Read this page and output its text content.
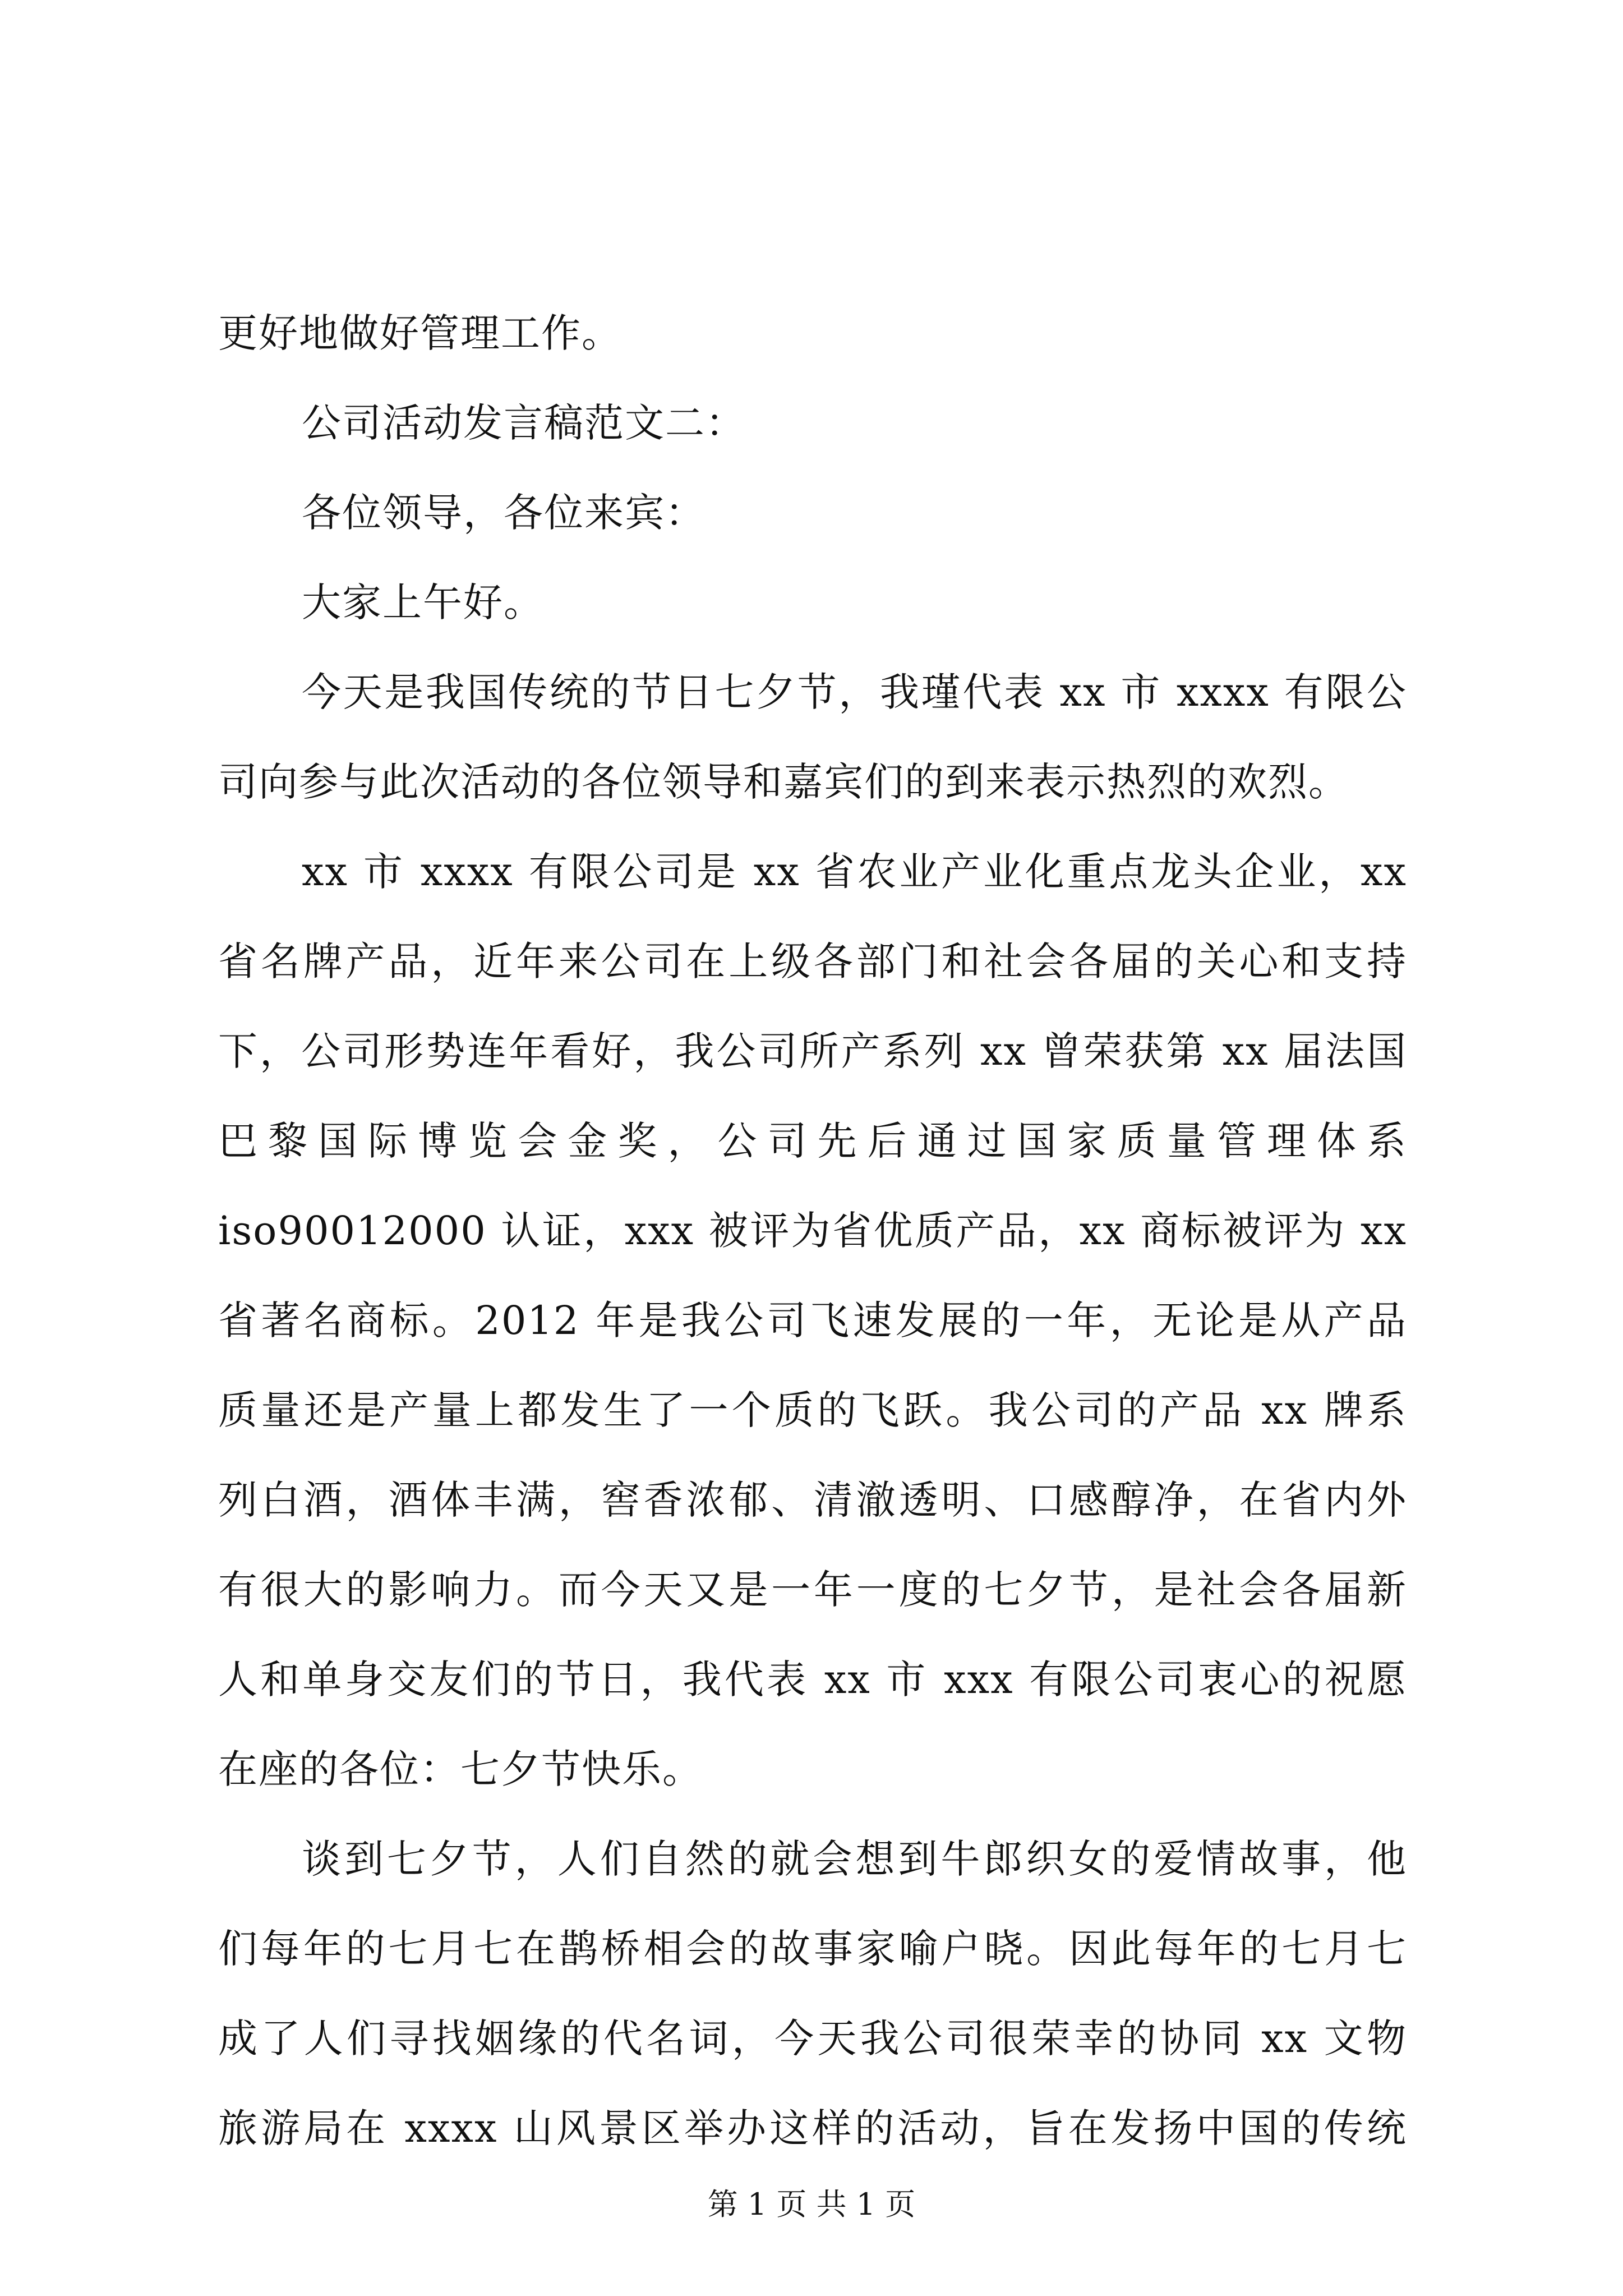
更好地做好管理工作。
公司活动发言稿范文二：
各位领导，各位来宾：
大家上午好。
今天是我国传统的节日七夕节，我瑾代表 xx 市 xxxx 有限公
司向参与此次活动的各位领导和嘉宾们的到来表示热烈的欢烈。
xx 市 xxxx 有限公司是 xx 省农业产业化重点龙头企业，xx
省名牌产品，近年来公司在上级各部门和社会各届的关心和支持
下，公司形势连年看好，我公司所产系列 xx 曾荣获第 xx 届法国
巴黎国际博览会金奖，公司先后通过国家质量管理体系
iso90012000 认证，xxx 被评为省优质产品，xx 商标被评为 xx
省著名商标。2012 年是我公司飞速发展的一年，无论是从产品
质量还是产量上都发生了一个质的飞跃。我公司的产品 xx 牌系
列白酒，酒体丰满，窖香浓郁、清澈透明、口感醇净，在省内外
有很大的影响力。而今天又是一年一度的七夕节，是社会各届新
人和单身交友们的节日，我代表 xx 市 xxx 有限公司衷心的祝愿
在座的各位：七夕节快乐。
谈到七夕节，人们自然的就会想到牛郎织女的爱情故事，他
们每年的七月七在鹊桥相会的故事家喻户晓。因此每年的七月七
成了人们寻找姻缘的代名词，今天我公司很荣幸的协同 xx 文物
旅游局在 xxxx 山风景区举办这样的活动，旨在发扬中国的传统
第 1 页 共 1 页
